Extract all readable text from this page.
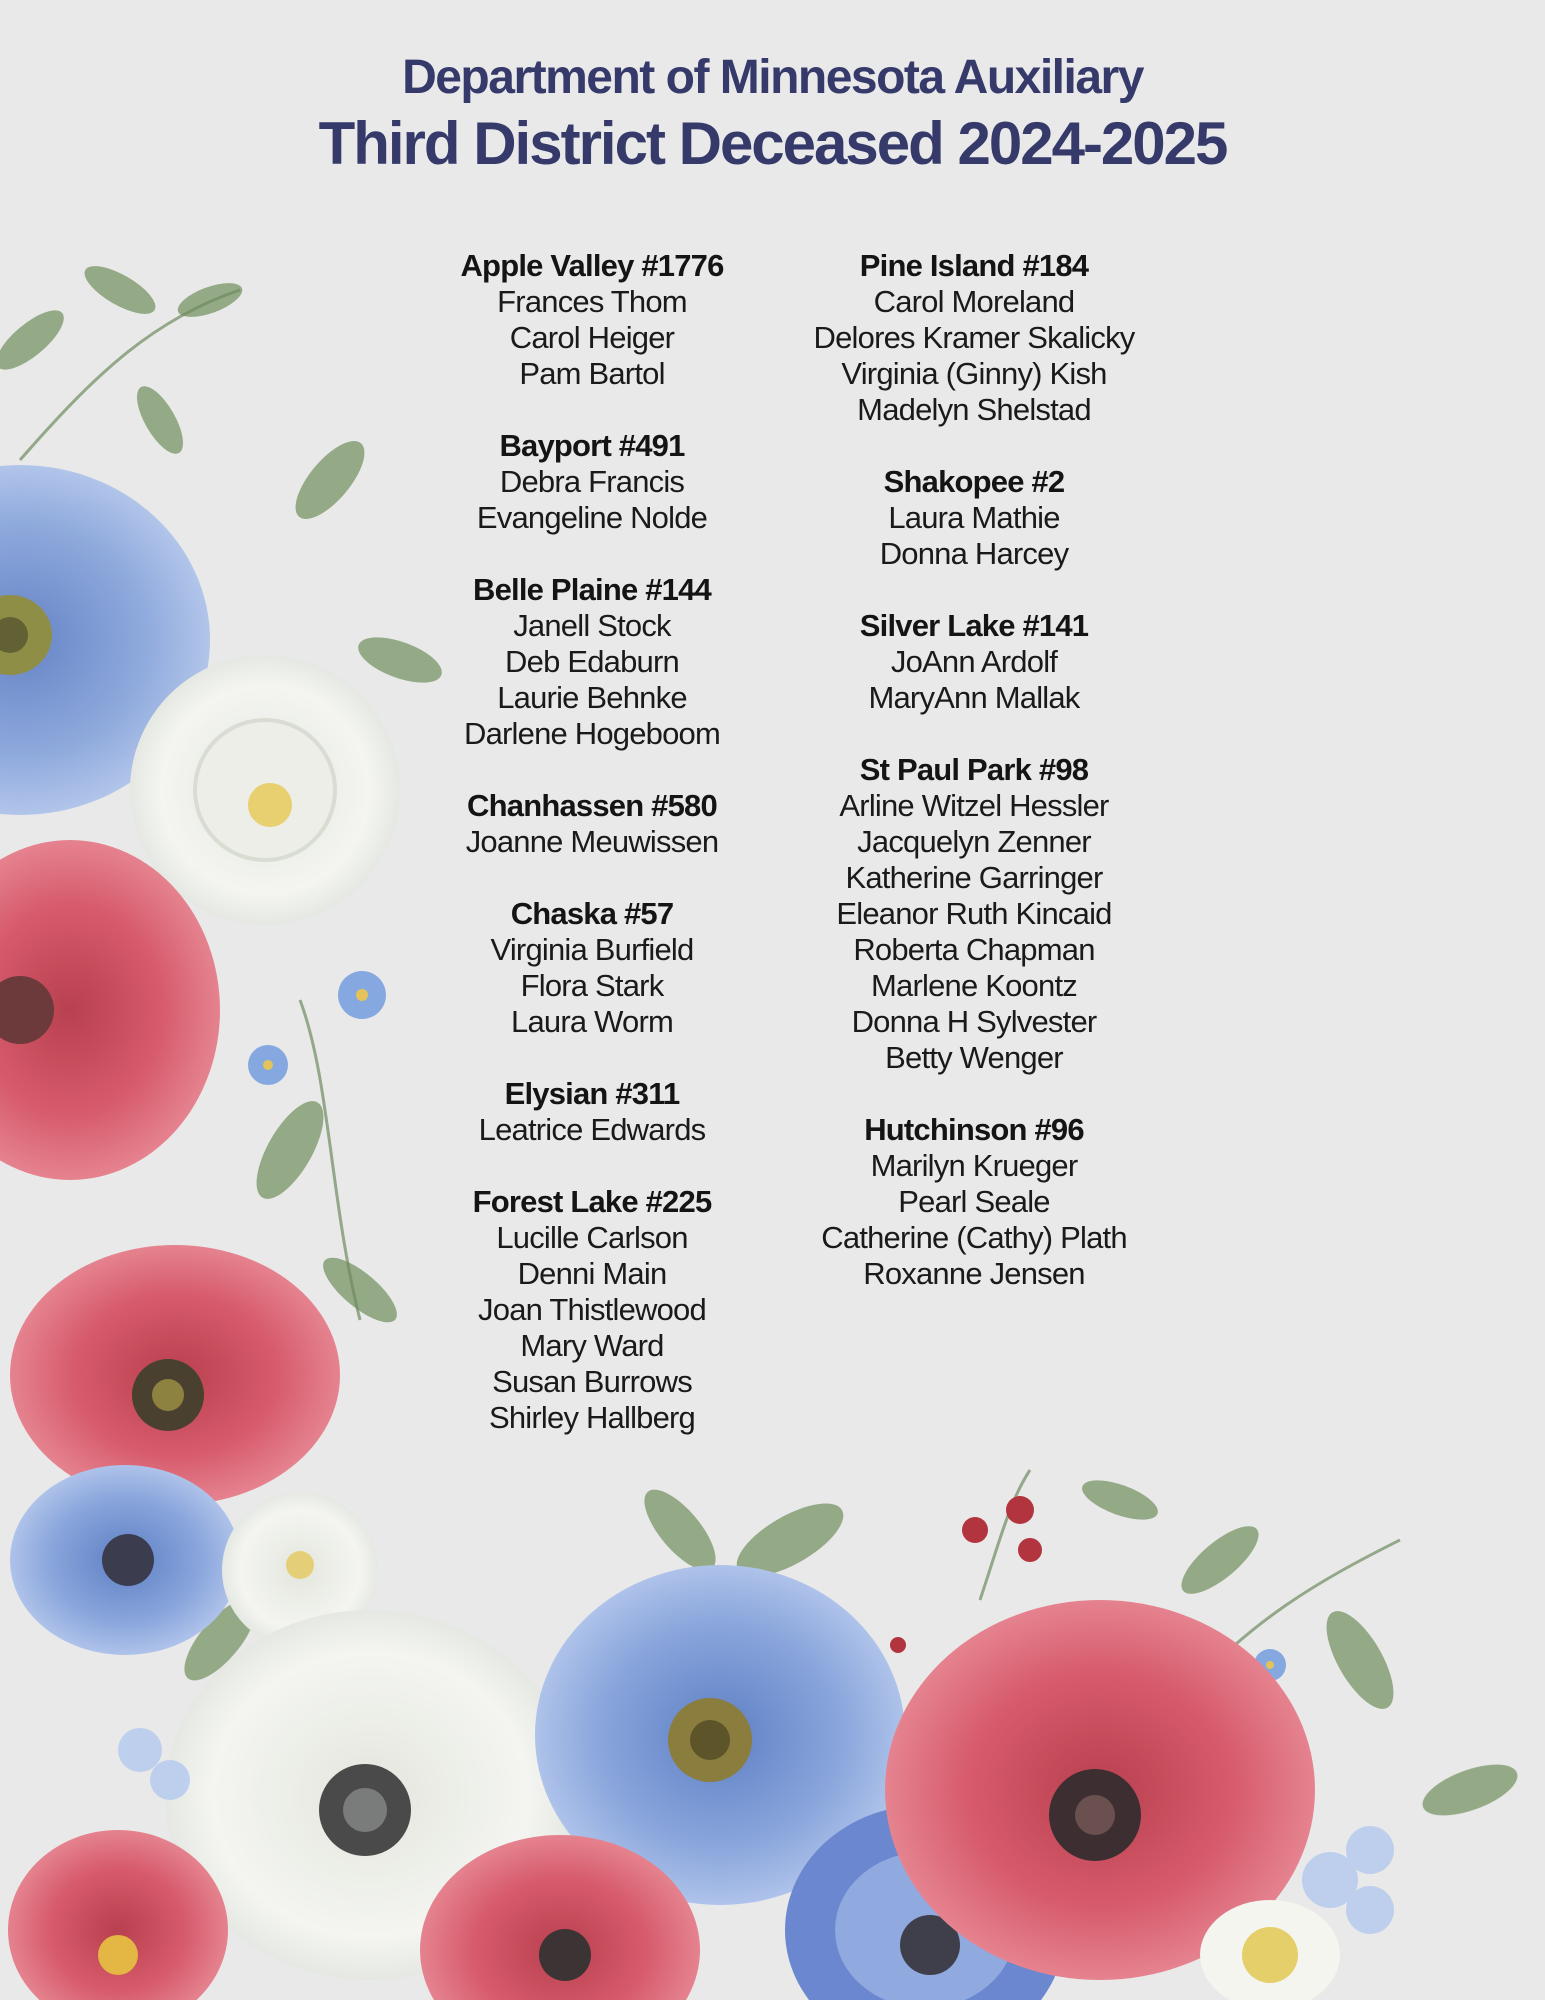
Department of Minnesota Auxiliary
Third District Deceased 2024-2025
Apple Valley #1776
Frances Thom
Carol Heiger
Pam Bartol
Bayport #491
Debra Francis
Evangeline Nolde
Belle Plaine #144
Janell Stock
Deb Edaburn
Laurie Behnke
Darlene Hogeboom
Chanhassen #580
Joanne Meuwissen
Chaska #57
Virginia Burfield
Flora Stark
Laura Worm
Elysian #311
Leatrice Edwards
Forest Lake #225
Lucille Carlson
Denni Main
Joan Thistlewood
Mary Ward
Susan Burrows
Shirley Hallberg
Pine Island #184
Carol Moreland
Delores Kramer Skalicky
Virginia (Ginny) Kish
Madelyn Shelstad
Shakopee #2
Laura Mathie
Donna Harcey
Silver Lake #141
JoAnn Ardolf
MaryAnn Mallak
St Paul Park #98
Arline Witzel Hessler
Jacquelyn Zenner
Katherine Garringer
Eleanor Ruth Kincaid
Roberta Chapman
Marlene Koontz
Donna H Sylvester
Betty Wenger
Hutchinson #96
Marilyn Krueger
Pearl Seale
Catherine (Cathy) Plath
Roxanne Jensen
